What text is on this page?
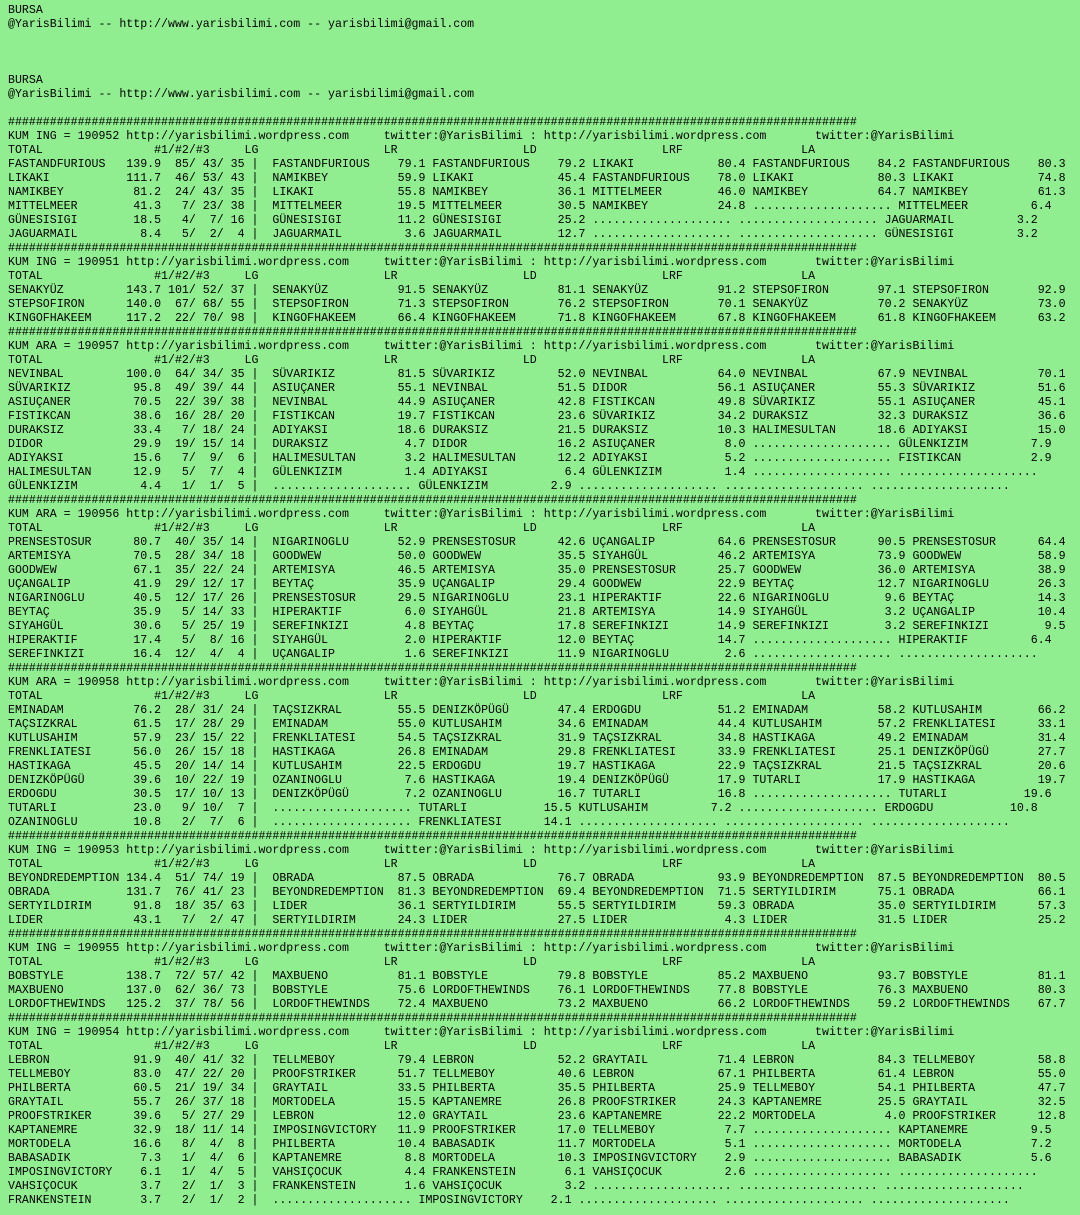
BURSA
@YarisBilimi -- http://www.yarisbilimi.com -- yarisbilimi@gmail.com
BURSA
@YarisBilimi -- http://www.yarisbilimi.com -- yarisbilimi@gmail.com
##########################################################################################################################
KUM ING = 190952 http://yarisbilimi.wordpress.com     twitter:@YarisBilimi : http://yarisbilimi.wordpress.com       twitter:@YarisBilimi
TOTAL                #1/#2/#3     LG                  LR                  LD                  LRF                 LA
FASTANDFURIOUS   139.9  85/ 43/ 35 |  FASTANDFURIOUS    79.1 FASTANDFURIOUS    79.2 LIKAKI            80.4 FASTANDFURIOUS    84.2 FASTANDFURIOUS    80.3
LIKAKI           111.7  46/ 53/ 43 |  NAMIKBEY          59.9 LIKAKI            45.4 FASTANDFURIOUS    78.0 LIKAKI            80.3 LIKAKI            74.8
NAMIKBEY          81.2  24/ 43/ 35 |  LIKAKI            55.8 NAMIKBEY          36.1 MITTELMEER        46.0 NAMIKBEY          64.7 NAMIKBEY          61.3
MITTELMEER        41.3   7/ 23/ 38 |  MITTELMEER        19.5 MITTELMEER        30.5 NAMIKBEY          24.8 .................... MITTELMEER         6.4
GÜNESISIGI        18.5   4/  7/ 16 |  GÜNESISIGI        11.2 GÜNESISIGI        25.2 .................... .................... JAGUARMAIL         3.2
JAGUARMAIL         8.4   5/  2/  4 |  JAGUARMAIL         3.6 JAGUARMAIL        12.7 .................... .................... GÜNESISIGI         3.2
##########################################################################################################################
KUM ING = 190951 http://yarisbilimi.wordpress.com     twitter:@YarisBilimi : http://yarisbilimi.wordpress.com       twitter:@YarisBilimi
TOTAL                #1/#2/#3     LG                  LR                  LD                  LRF                 LA
SENAKYÜZ         143.7 101/ 52/ 37 |  SENAKYÜZ          91.5 SENAKYÜZ          81.1 SENAKYÜZ          91.2 STEPSOFIRON       97.1 STEPSOFIRON       92.9
STEPSOFIRON      140.0  67/ 68/ 55 |  STEPSOFIRON       71.3 STEPSOFIRON       76.2 STEPSOFIRON       70.1 SENAKYÜZ          70.2 SENAKYÜZ          73.0
KINGOFHAKEEM     117.2  22/ 70/ 98 |  KINGOFHAKEEM      66.4 KINGOFHAKEEM      71.8 KINGOFHAKEEM      67.8 KINGOFHAKEEM      61.8 KINGOFHAKEEM      63.2
##########################################################################################################################
KUM ARA = 190957 http://yarisbilimi.wordpress.com     twitter:@YarisBilimi : http://yarisbilimi.wordpress.com       twitter:@YarisBilimi
TOTAL                #1/#2/#3     LG                  LR                  LD                  LRF                 LA
NEVINBAL         100.0  64/ 34/ 35 |  SÜVARIKIZ         81.5 SÜVARIKIZ         52.0 NEVINBAL          64.0 NEVINBAL          67.9 NEVINBAL          70.1
SÜVARIKIZ         95.8  49/ 39/ 44 |  ASIUÇANER         55.1 NEVINBAL          51.5 DIDOR             56.1 ASIUÇANER         55.3 SÜVARIKIZ         51.6
ASIUÇANER         70.5  22/ 39/ 38 |  NEVINBAL          44.9 ASIUÇANER         42.8 FISTIKCAN         49.8 SÜVARIKIZ         55.1 ASIUÇANER         45.1
FISTIKCAN         38.6  16/ 28/ 20 |  FISTIKCAN         19.7 FISTIKCAN         23.6 SÜVARIKIZ         34.2 DURAKSIZ          32.3 DURAKSIZ          36.6
DURAKSIZ          33.4   7/ 18/ 24 |  ADIYAKSI          18.6 DURAKSIZ          21.5 DURAKSIZ          10.3 HALIMESULTAN      18.6 ADIYAKSI          15.0
DIDOR             29.9  19/ 15/ 14 |  DURAKSIZ           4.7 DIDOR             16.2 ASIUÇANER          8.0 .................... GÜLENKIZIM         7.9
ADIYAKSI          15.6   7/  9/  6 |  HALIMESULTAN       3.2 HALIMESULTAN      12.2 ADIYAKSI           5.2 .................... FISTIKCAN          2.9
HALIMESULTAN      12.9   5/  7/  4 |  GÜLENKIZIM         1.4 ADIYAKSI           6.4 GÜLENKIZIM         1.4 .................... ....................
GÜLENKIZIM         4.4   1/  1/  5 |  .................... GÜLENKIZIM         2.9 .................... .................... ....................
##########################################################################################################################
KUM ARA = 190956 http://yarisbilimi.wordpress.com     twitter:@YarisBilimi : http://yarisbilimi.wordpress.com       twitter:@YarisBilimi
TOTAL                #1/#2/#3     LG                  LR                  LD                  LRF                 LA
PRENSESTOSUR      80.7  40/ 35/ 14 |  NIGARINOGLU       52.9 PRENSESTOSUR      42.6 UÇANGALIP         64.6 PRENSESTOSUR      90.5 PRENSESTOSUR      64.4
ARTEMISYA         70.5  28/ 34/ 18 |  GOODWEW           50.0 GOODWEW           35.5 SIYAHGÜL          46.2 ARTEMISYA         73.9 GOODWEW           58.9
GOODWEW           67.1  35/ 22/ 24 |  ARTEMISYA         46.5 ARTEMISYA         35.0 PRENSESTOSUR      25.7 GOODWEW           36.0 ARTEMISYA         38.9
UÇANGALIP         41.9  29/ 12/ 17 |  BEYTAÇ            35.9 UÇANGALIP         29.4 GOODWEW           22.9 BEYTAÇ            12.7 NIGARINOGLU       26.3
NIGARINOGLU       40.5  12/ 17/ 26 |  PRENSESTOSUR      29.5 NIGARINOGLU       23.1 HIPERAKTIF        22.6 NIGARINOGLU        9.6 BEYTAÇ            14.3
BEYTAÇ            35.9   5/ 14/ 33 |  HIPERAKTIF         6.0 SIYAHGÜL          21.8 ARTEMISYA         14.9 SIYAHGÜL           3.2 UÇANGALIP         10.4
SIYAHGÜL          30.6   5/ 25/ 19 |  SEREFINKIZI        4.8 BEYTAÇ            17.8 SEREFINKIZI       14.9 SEREFINKIZI        3.2 SEREFINKIZI        9.5
HIPERAKTIF        17.4   5/  8/ 16 |  SIYAHGÜL           2.0 HIPERAKTIF        12.0 BEYTAÇ            14.7 .................... HIPERAKTIF         6.4
SEREFINKIZI       16.4  12/  4/  4 |  UÇANGALIP          1.6 SEREFINKIZI       11.9 NIGARINOGLU        2.6 .................... ....................
##########################################################################################################################
KUM ARA = 190958 http://yarisbilimi.wordpress.com     twitter:@YarisBilimi : http://yarisbilimi.wordpress.com       twitter:@YarisBilimi
TOTAL                #1/#2/#3     LG                  LR                  LD                  LRF                 LA
EMINADAM          76.2  28/ 31/ 24 |  TAÇSIZKRAL        55.5 DENIZKÖPÜGÜ       47.4 ERDOGDU           51.2 EMINADAM          58.2 KUTLUSAHIM        66.2
TAÇSIZKRAL        61.5  17/ 28/ 29 |  EMINADAM          55.0 KUTLUSAHIM        34.6 EMINADAM          44.4 KUTLUSAHIM        57.2 FRENKLIATESI      33.1
KUTLUSAHIM        57.9  23/ 15/ 22 |  FRENKLIATESI      54.5 TAÇSIZKRAL        31.9 TAÇSIZKRAL        34.8 HASTIKAGA         49.2 EMINADAM          31.4
FRENKLIATESI      56.0  26/ 15/ 18 |  HASTIKAGA         26.8 EMINADAM          29.8 FRENKLIATESI      33.9 FRENKLIATESI      25.1 DENIZKÖPÜGÜ       27.7
HASTIKAGA         45.5  20/ 14/ 14 |  KUTLUSAHIM        22.5 ERDOGDU           19.7 HASTIKAGA         22.9 TAÇSIZKRAL        21.5 TAÇSIZKRAL        20.6
DENIZKÖPÜGÜ       39.6  10/ 22/ 19 |  OZANINOGLU         7.6 HASTIKAGA         19.4 DENIZKÖPÜGÜ       17.9 TUTARLI           17.9 HASTIKAGA         19.7
ERDOGDU           30.5  17/ 10/ 13 |  DENIZKÖPÜGÜ        7.2 OZANINOGLU        16.7 TUTARLI           16.8 .................... TUTARLI           19.6
TUTARLI           23.0   9/ 10/  7 |  .................... TUTARLI           15.5 KUTLUSAHIM         7.2 .................... ERDOGDU           10.8
OZANINOGLU        10.8   2/  7/  6 |  .................... FRENKLIATESI      14.1 .................... .................... ....................
##########################################################################################################################
KUM ING = 190953 http://yarisbilimi.wordpress.com     twitter:@YarisBilimi : http://yarisbilimi.wordpress.com       twitter:@YarisBilimi
TOTAL                #1/#2/#3     LG                  LR                  LD                  LRF                 LA
BEYONDREDEMPTION 134.4  51/ 74/ 19 |  OBRADA            87.5 OBRADA            76.7 OBRADA            93.9 BEYONDREDEMPTION  87.5 BEYONDREDEMPTION  80.5
OBRADA           131.7  76/ 41/ 23 |  BEYONDREDEMPTION  81.3 BEYONDREDEMPTION  69.4 BEYONDREDEMPTION  71.5 SERTYILDIRIM      75.1 OBRADA            66.1
SERTYILDIRIM      91.8  18/ 35/ 63 |  LIDER             36.1 SERTYILDIRIM      55.5 SERTYILDIRIM      59.3 OBRADA            35.0 SERTYILDIRIM      57.3
LIDER             43.1   7/  2/ 47 |  SERTYILDIRIM      24.3 LIDER             27.5 LIDER              4.3 LIDER             31.5 LIDER             25.2
##########################################################################################################################
KUM ING = 190955 http://yarisbilimi.wordpress.com     twitter:@YarisBilimi : http://yarisbilimi.wordpress.com       twitter:@YarisBilimi
TOTAL                #1/#2/#3     LG                  LR                  LD                  LRF                 LA
BOBSTYLE         138.7  72/ 57/ 42 |  MAXBUENO          81.1 BOBSTYLE          79.8 BOBSTYLE          85.2 MAXBUENO          93.7 BOBSTYLE          81.1
MAXBUENO         137.0  62/ 36/ 73 |  BOBSTYLE          75.6 LORDOFTHEWINDS    76.1 LORDOFTHEWINDS    77.8 BOBSTYLE          76.3 MAXBUENO          80.3
LORDOFTHEWINDS   125.2  37/ 78/ 56 |  LORDOFTHEWINDS    72.4 MAXBUENO          73.2 MAXBUENO          66.2 LORDOFTHEWINDS    59.2 LORDOFTHEWINDS    67.7
##########################################################################################################################
KUM ING = 190954 http://yarisbilimi.wordpress.com     twitter:@YarisBilimi : http://yarisbilimi.wordpress.com       twitter:@YarisBilimi
TOTAL                #1/#2/#3     LG                  LR                  LD                  LRF                 LA
LEBRON            91.9  40/ 41/ 32 |  TELLMEBOY         79.4 LEBRON            52.2 GRAYTAIL          71.4 LEBRON            84.3 TELLMEBOY         58.8
TELLMEBOY         83.0  47/ 22/ 20 |  PROOFSTRIKER      51.7 TELLMEBOY         40.6 LEBRON            67.1 PHILBERTA         61.4 LEBRON            55.0
PHILBERTA         60.5  21/ 19/ 34 |  GRAYTAIL          33.5 PHILBERTA         35.5 PHILBERTA         25.9 TELLMEBOY         54.1 PHILBERTA         47.7
GRAYTAIL          55.7  26/ 37/ 18 |  MORTODELA         15.5 KAPTANEMRE        26.8 PROOFSTRIKER      24.3 KAPTANEMRE        25.5 GRAYTAIL          32.5
PROOFSTRIKER      39.6   5/ 27/ 29 |  LEBRON            12.0 GRAYTAIL          23.6 KAPTANEMRE        22.2 MORTODELA          4.0 PROOFSTRIKER      12.8
KAPTANEMRE        32.9  18/ 11/ 14 |  IMPOSINGVICTORY   11.9 PROOFSTRIKER      17.0 TELLMEBOY          7.7 .................... KAPTANEMRE         9.5
MORTODELA         16.6   8/  4/  8 |  PHILBERTA         10.4 BABASADIK         11.7 MORTODELA          5.1 .................... MORTODELA          7.2
BABASADIK          7.3   1/  4/  6 |  KAPTANEMRE         8.8 MORTODELA         10.3 IMPOSINGVICTORY    2.9 .................... BABASADIK          5.6
IMPOSINGVICTORY    6.1   1/  4/  5 |  VAHSIÇOCUK         4.4 FRANKENSTEIN       6.1 VAHSIÇOCUK         2.6 .................... ....................
VAHSIÇOCUK         3.7   2/  1/  3 |  FRANKENSTEIN       1.6 VAHSIÇOCUK         3.2 .................... .................... ....................
FRANKENSTEIN       3.7   2/  1/  2 |  .................... IMPOSINGVICTORY    2.1 .................... .................... ....................
